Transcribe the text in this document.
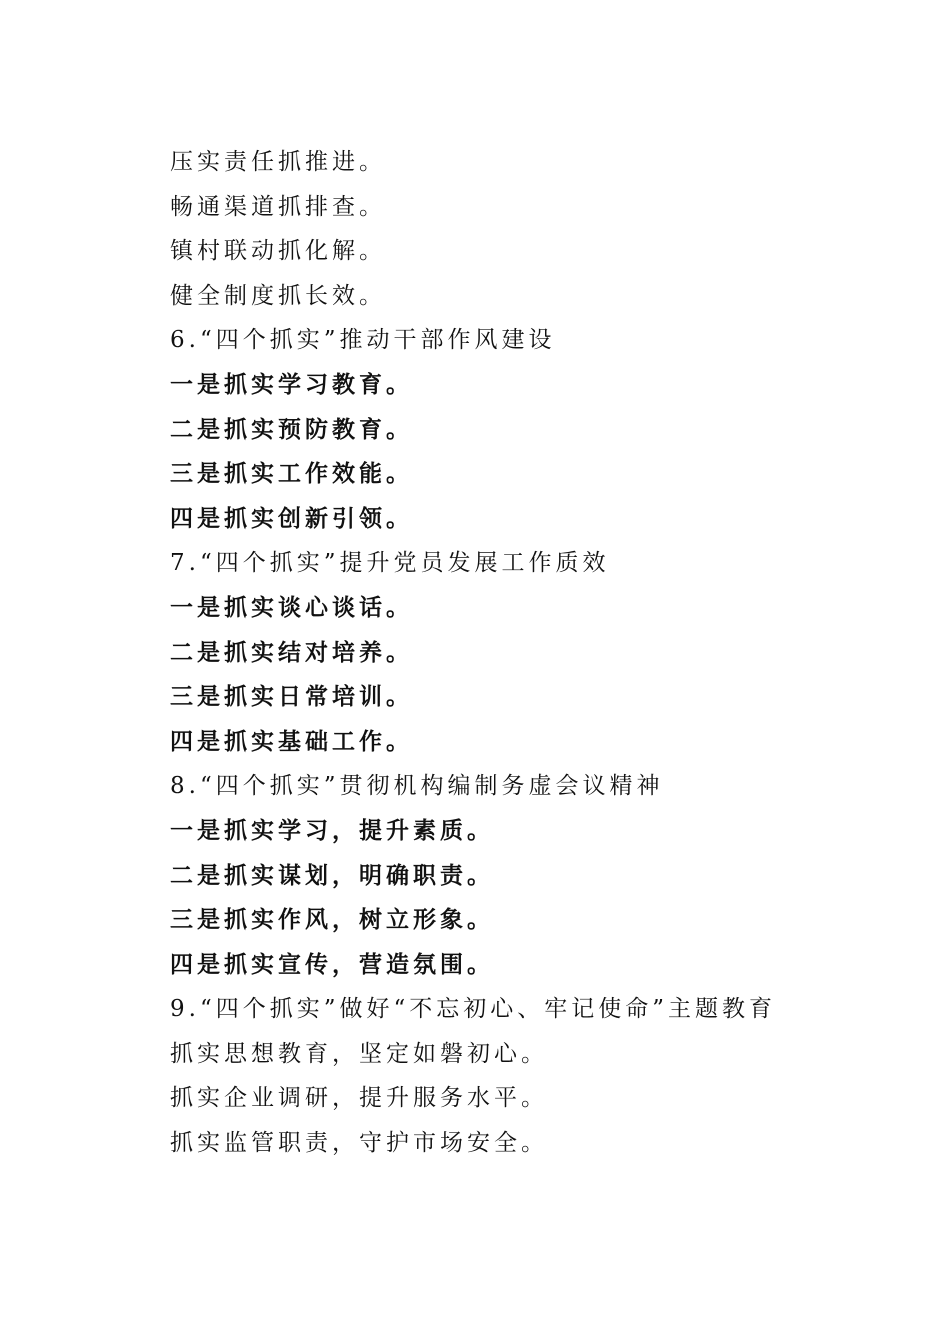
压实责任抓推进。
畅通渠道抓排查。
镇村联动抓化解。
健全制度抓长效。
6.“四个抓实”推动干部作风建设
一是抓实学习教育。
二是抓实预防教育。
三是抓实工作效能。
四是抓实创新引领。
7.“四个抓实”提升党员发展工作质效
一是抓实谈心谈话。
二是抓实结对培养。
三是抓实日常培训。
四是抓实基础工作。
8.“四个抓实”贯彻机构编制务虚会议精神
一是抓实学习，提升素质。
二是抓实谋划，明确职责。
三是抓实作风，树立形象。
四是抓实宣传，营造氛围。
9.“四个抓实”做好“不忘初心、牢记使命”主题教育
抓实思想教育，坚定如磐初心。
抓实企业调研，提升服务水平。
抓实监管职责，守护市场安全。
